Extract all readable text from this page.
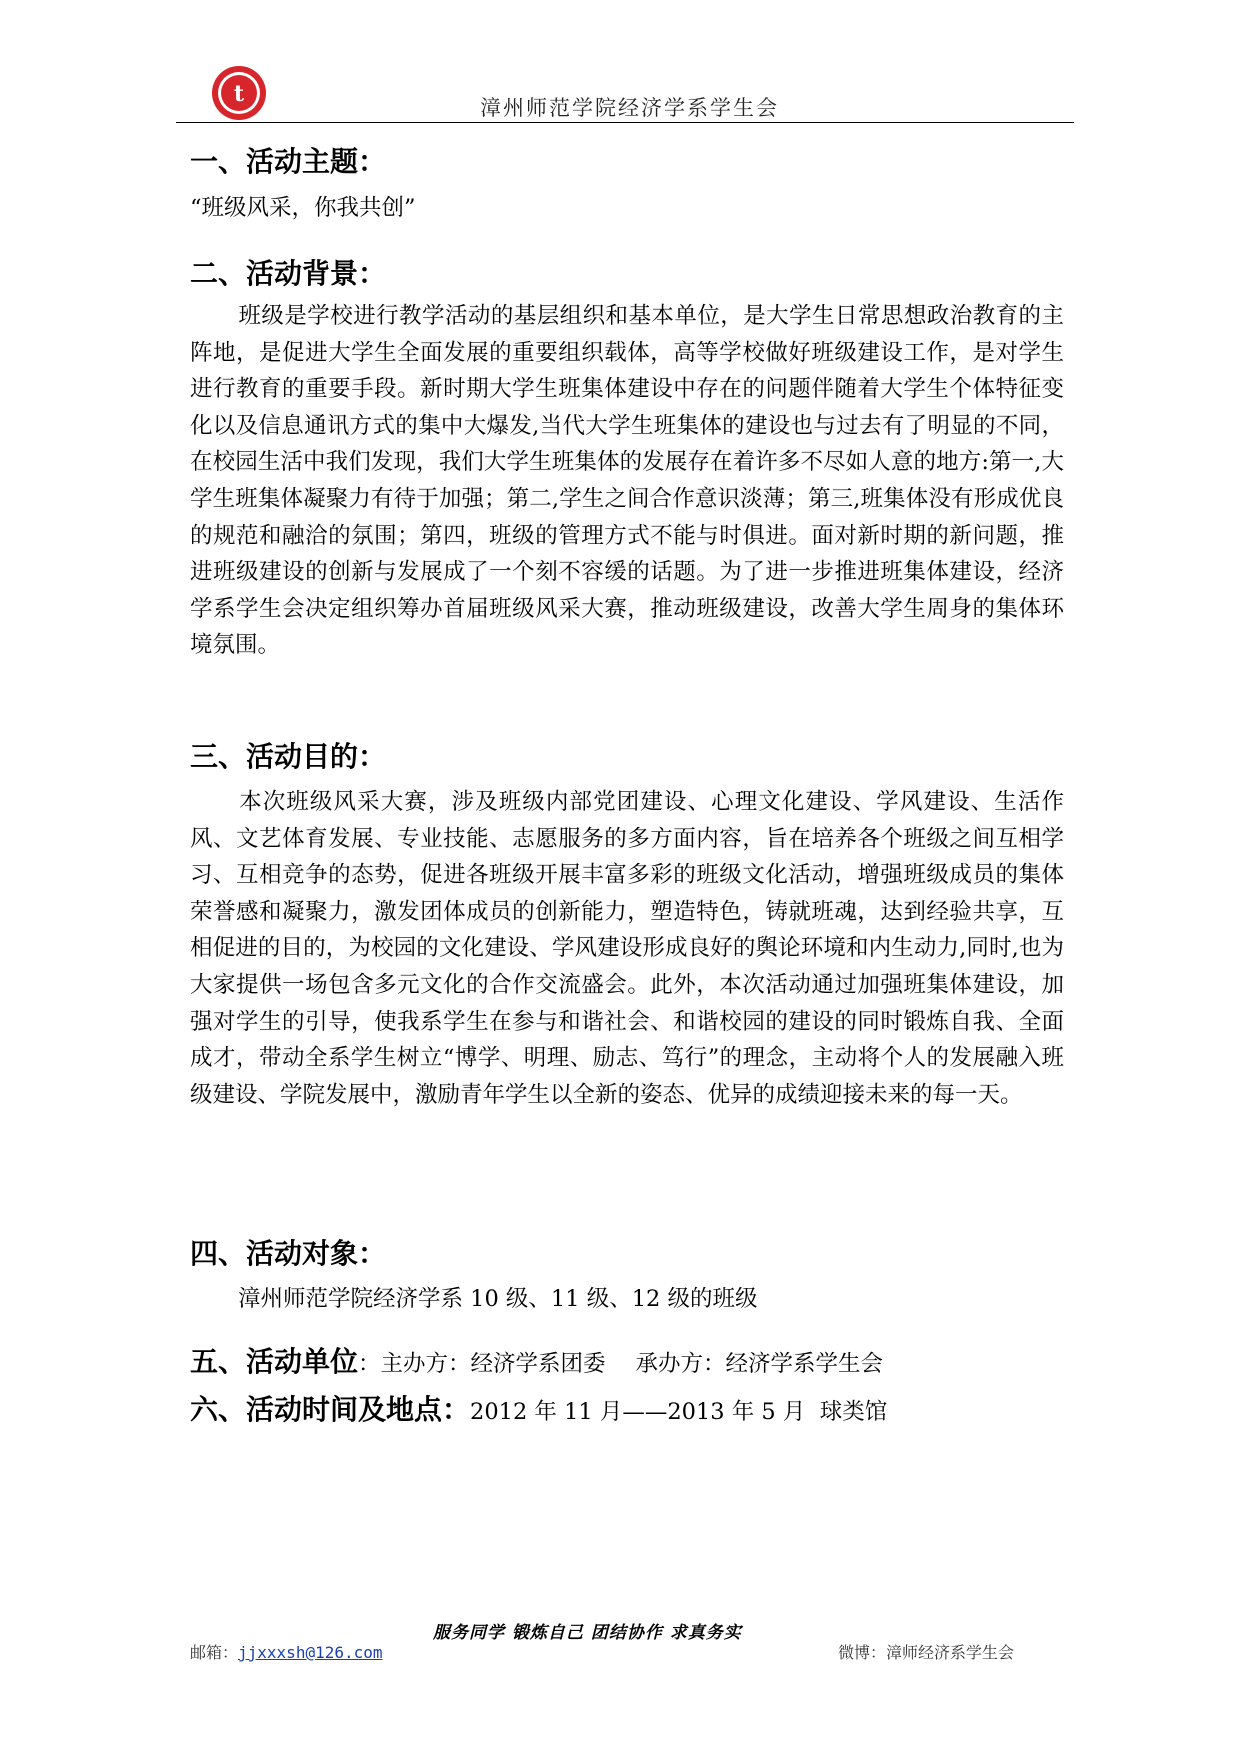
t
漳州师范学院经济学系学生会
一、活动主题：
“班级风采，你我共创”
二、活动背景：

班级是学校进行教学活动的基层组织和基本单位，是大学生日常思想政治教育的主阵地，是促进大学生全面发展的重要组织载体，高等学校做好班级建设工作，是对学生进行教育的重要手段。新时期大学生班集体建设中存在的问题伴随着大学生个体特征变化以及信息通讯方式的集中大爆发,当代大学生班集体的建设也与过去有了明显的不同，在校园生活中我们发现，我们大学生班集体的发展存在着许多不尽如人意的地方:第一,大学生班集体凝聚力有待于加强；第二,学生之间合作意识淡薄；第三,班集体没有形成优良的规范和融洽的氛围；第四，班级的管理方式不能与时俱进。面对新时期的新问题，推进班级建设的创新与发展成了一个刻不容缓的话题。为了进一步推进班集体建设，经济学系学生会决定组织筹办首届班级风采大赛，推动班级建设，改善大学生周身的集体环境氛围。

三、活动目的：

本次班级风采大赛，涉及班级内部党团建设、心理文化建设、学风建设、生活作风、文艺体育发展、专业技能、志愿服务的多方面内容，旨在培养各个班级之间互相学习、互相竞争的态势，促进各班级开展丰富多彩的班级文化活动，增强班级成员的集体荣誉感和凝聚力，激发团体成员的创新能力，塑造特色，铸就班魂，达到经验共享，互相促进的目的，为校园的文化建设、学风建设形成良好的舆论环境和内生动力,同时,也为大家提供一场包含多元文化的合作交流盛会。此外，本次活动通过加强班集体建设，加强对学生的引导，使我系学生在参与和谐社会、和谐校园的建设的同时锻炼自我、全面成才，带动全系学生树立“博学、明理、励志、笃行”的理念，主动将个人的发展融入班级建设、学院发展中，激励青年学生以全新的姿态、优异的成绩迎接未来的每一天。

四、活动对象：
漳州师范学院经济学系 10 级、11 级、12 级的班级
五、活动单位：主办方：经济学系团委 承办方：经济学系学生会
六、活动时间及地点：2012 年 11 月——2013 年 5 月  球类馆
服务同学 锻炼自己 团结协作 求真务实
邮箱：jjxxxsh@126.com	微博：漳师经济系学生会
